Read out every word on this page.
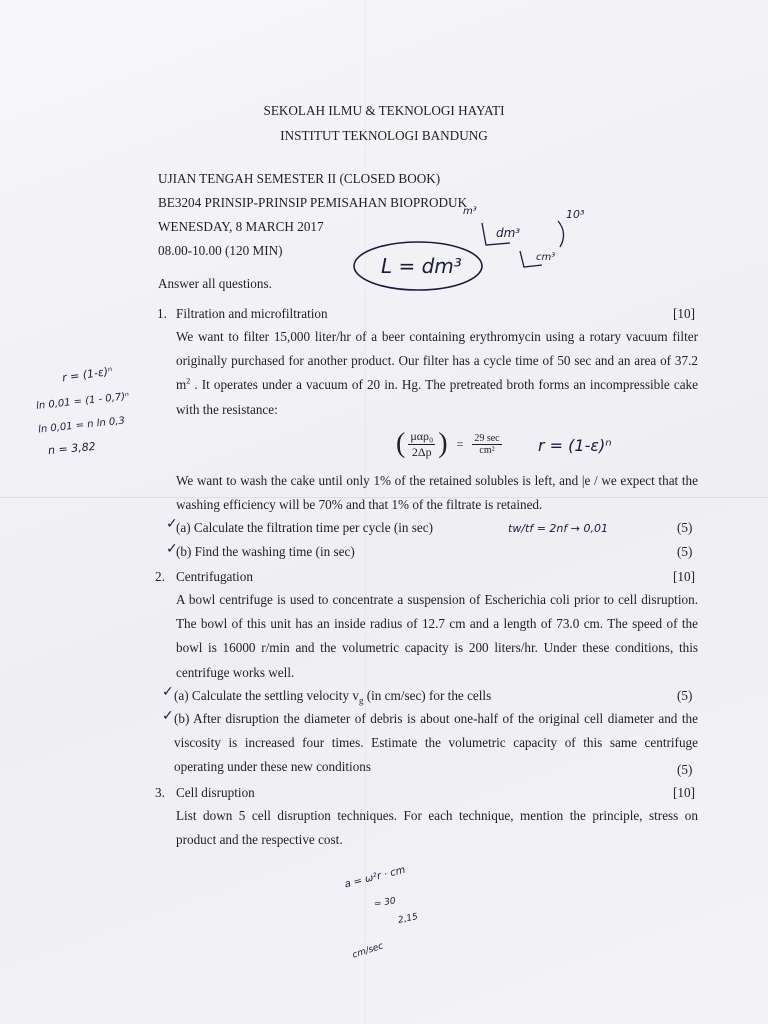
SEKOLAH ILMU & TEKNOLOGI HAYATI
INSTITUT TEKNOLOGI BANDUNG
UJIAN TENGAH SEMESTER II (CLOSED BOOK)
BE3204 PRINSIP-PRINSIP PEMISAHAN BIOPRODUK
WENESDAY, 8 MARCH 2017
08.00-10.00 (120 MIN)
Answer all questions.
L = dm³
m³
dm³
10³
cm³
1. Filtration and microfiltration	[10]
We want to filter 15,000 liter/hr of a beer containing erythromycin using a rotary vacuum filter originally purchased for another product. Our filter has a cycle time of 50 sec and an area of 37.2 $m^2$ . It operates under a vacuum of 20 in. Hg. The pretreated broth forms an incompressible cake with the resistance:
( μαρ₀
2Δp ) = 29 sec
cm²	r = (1-ε)ⁿ
r = (1-ε)ⁿ
ln 0,01 = (1 - 0,7)ⁿ
ln 0,01 = n ln 0,3
n = 3,82
We want to wash the cake until only 1% of the retained solubles is left, and |e / we expect that the washing efficiency will be 70% and that 1% of the filtrate is retained.
✓
(a) Calculate the filtration time per cycle (in sec)	(5)
tw/tf = 2nf → 0,01
✓
(b) Find the washing time (in sec)	(5)
2. Centrifugation	[10]
A bowl centrifuge is used to concentrate a suspension of Escherichia coli prior to cell disruption. The bowl of this unit has an inside radius of 12.7 cm and a length of 73.0 cm. The speed of the bowl is 16000 r/min and the volumetric capacity is 200 liters/hr. Under these conditions, this centrifuge works well.
✓ (a) Calculate the settling velocity $v_g$ (in cm/sec) for the cells	(5)
✓ (b) After disruption the diameter of debris is about one-half of the original cell diameter and the viscosity is increased four times. Estimate the volumetric capacity of this same centrifuge operating under these new conditions	(5)
3. Cell disruption	[10]
List down 5 cell disruption techniques. For each technique, mention the principle, stress on product and the respective cost.
a = ω²r · cm
= 30
2,15
cm/sec
